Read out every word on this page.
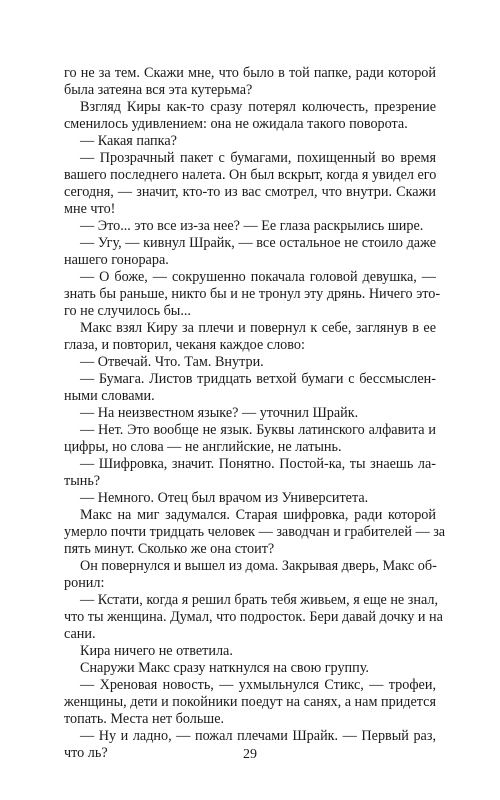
го не за тем. Скажи мне, что было в той папке, ради которой
была затеяна вся эта кутерьма?
Взгляд Киры как-то сразу потерял колючесть, презрение
сменилось удивлением: она не ожидала такого поворота.
— Какая папка?
— Прозрачный пакет с бумагами, похищенный во время
вашего последнего налета. Он был вскрыт, когда я увидел его
сегодня, — значит, кто-то из вас смотрел, что внутри. Скажи
мне что!
— Это... это все из-за нее? — Ее глаза раскрылись шире.
— Угу, — кивнул Шрайк, — все остальное не стоило даже
нашего гонорара.
— О боже, — сокрушенно покачала головой девушка, —
знать бы раньше, никто бы и не тронул эту дрянь. Ничего это-
го не случилось бы...
Макс взял Киру за плечи и повернул к себе, заглянув в ее
глаза, и повторил, чеканя каждое слово:
— Отвечай. Что. Там. Внутри.
— Бумага. Листов тридцать ветхой бумаги с бессмыслен-
ными словами.
— На неизвестном языке? — уточнил Шрайк.
— Нет. Это вообще не язык. Буквы латинского алфавита и
цифры, но слова — не английские, не латынь.
— Шифровка, значит. Понятно. Постой-ка, ты знаешь ла-
тынь?
— Немного. Отец был врачом из Университета.
Макс на миг задумался. Старая шифровка, ради которой
умерло почти тридцать человек — заводчан и грабителей — за
пять минут. Сколько же она стоит?
Он повернулся и вышел из дома. Закрывая дверь, Макс об-
ронил:
— Кстати, когда я решил брать тебя живьем, я еще не знал,
что ты женщина. Думал, что подросток. Бери давай дочку и на
сани.
Кира ничего не ответила.
Снаружи Макс сразу наткнулся на свою группу.
— Хреновая новость, — ухмыльнулся Стикс, — трофеи,
женщины, дети и покойники поедут на санях, а нам придется
топать. Места нет больше.
— Ну и ладно, — пожал плечами Шрайк. — Первый раз,
что ль?	29
